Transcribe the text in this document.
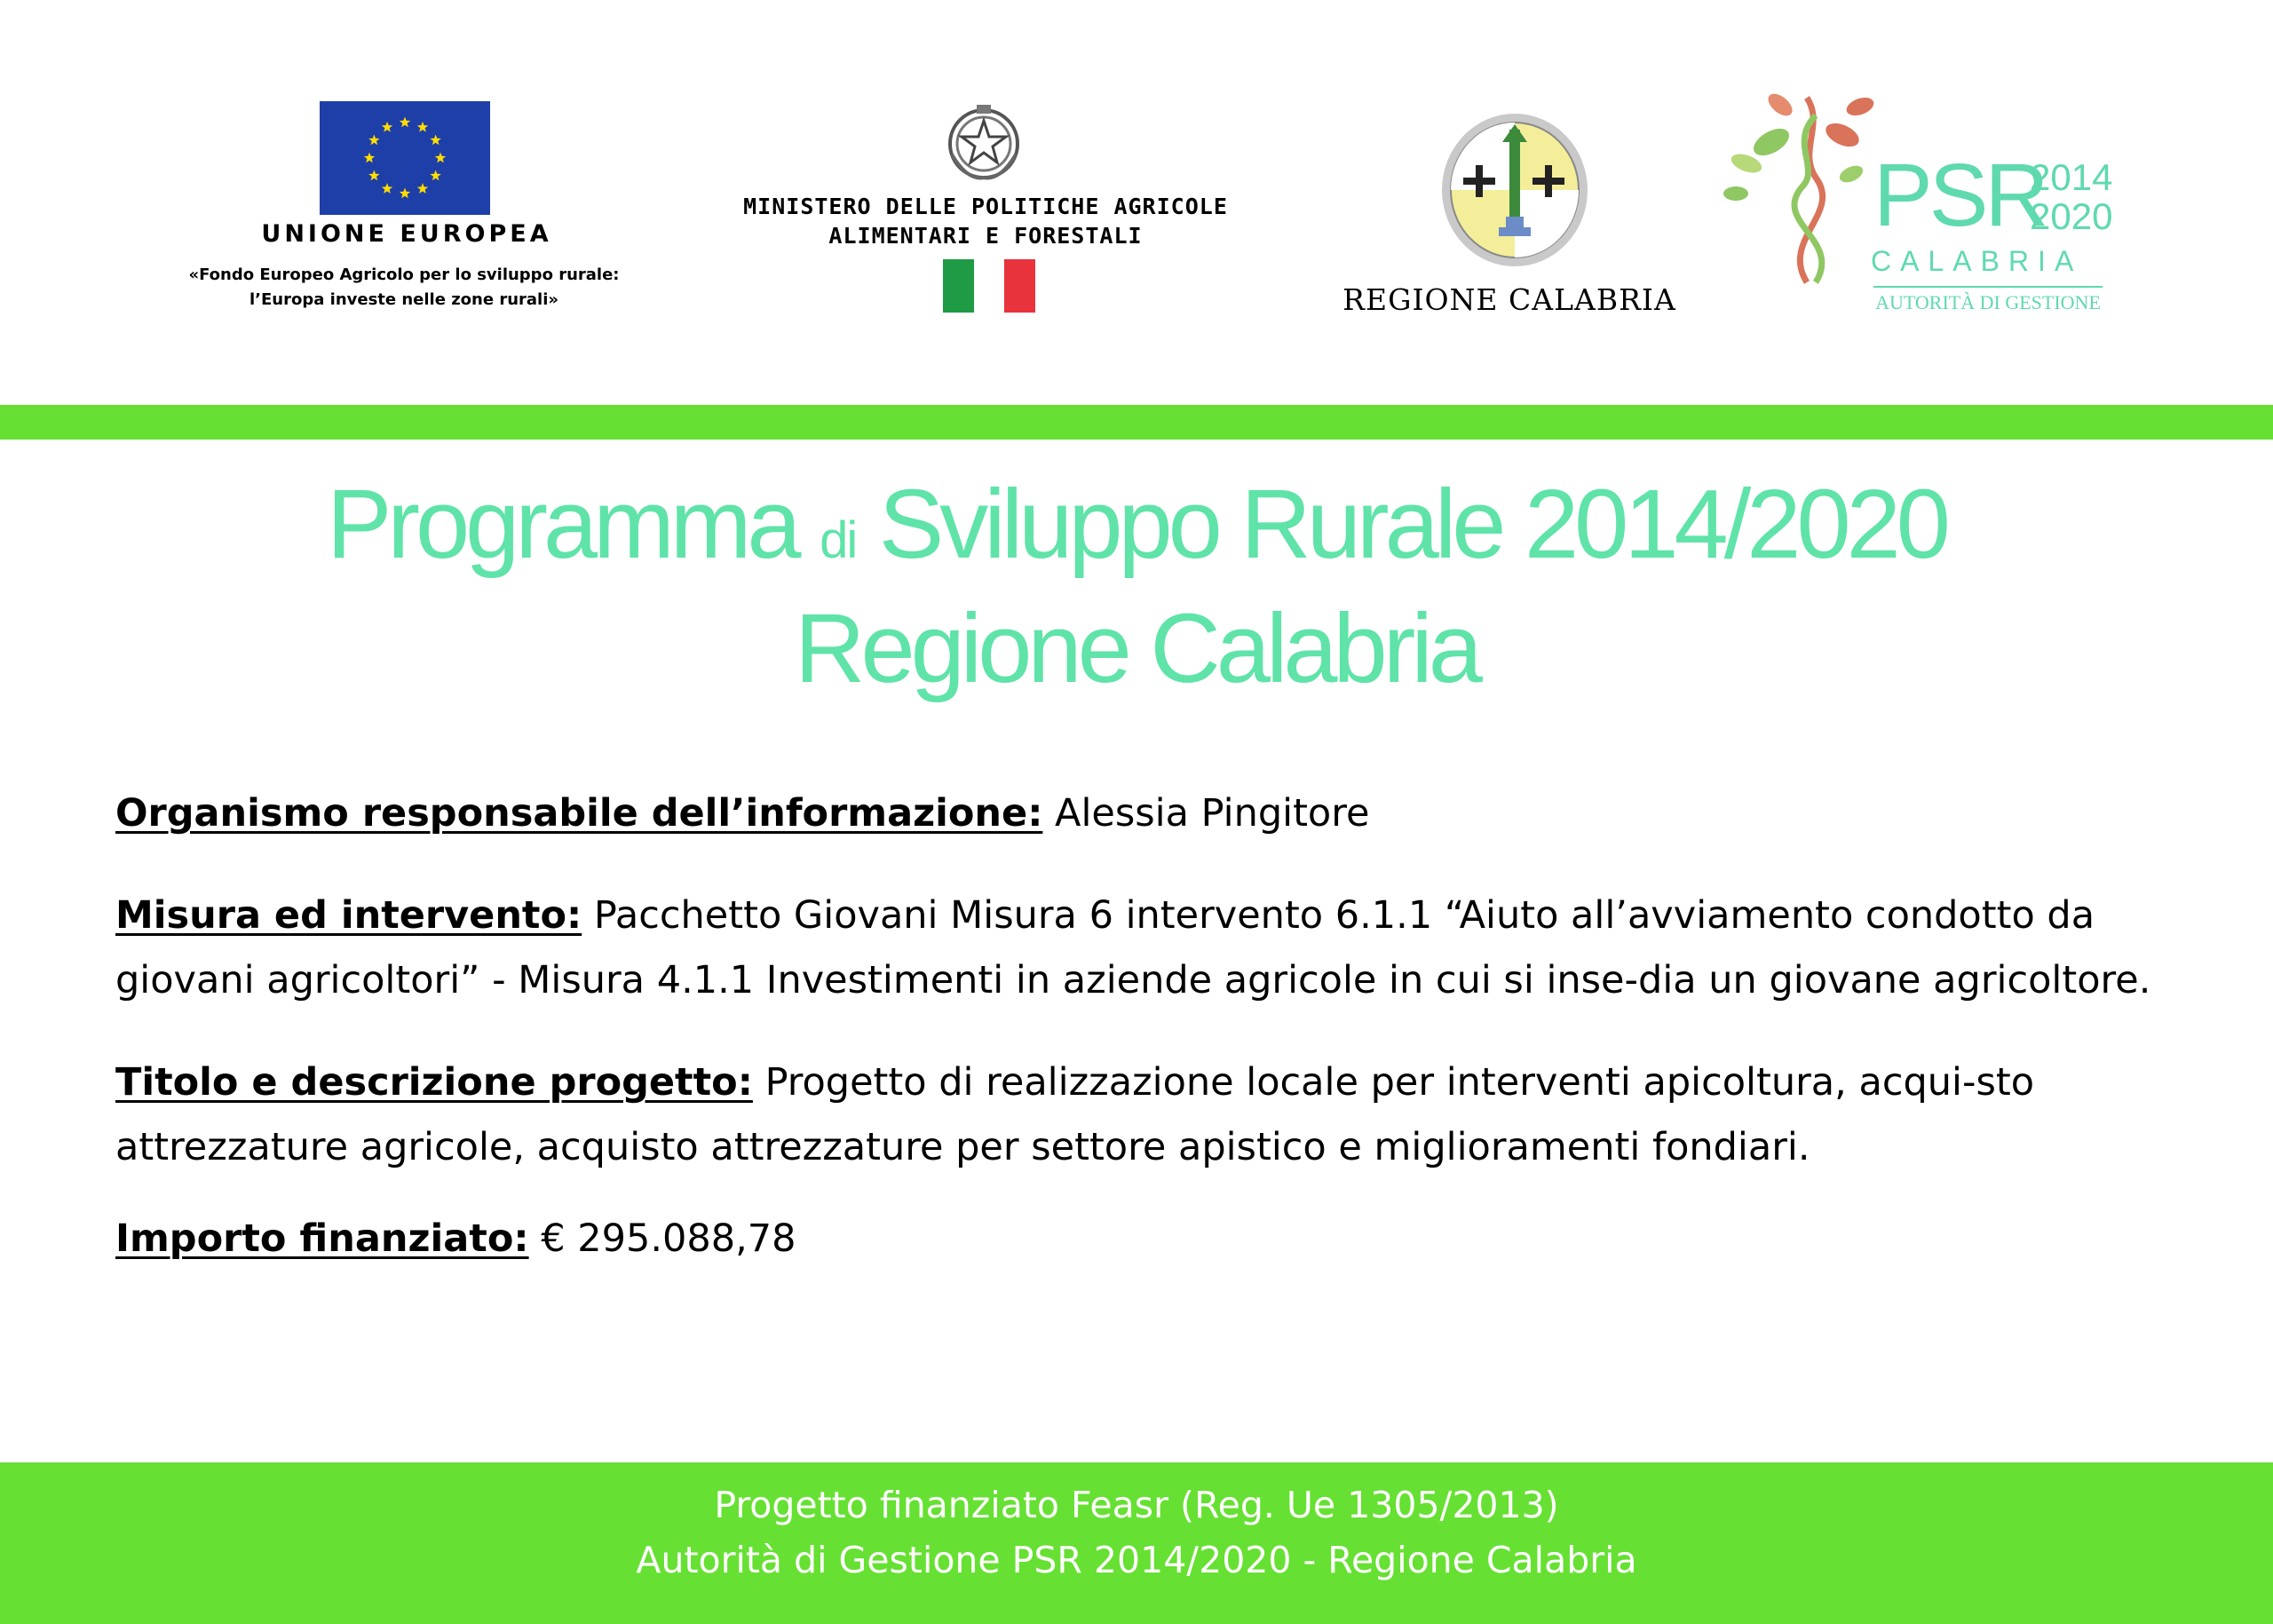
UNIONE EUROPEA
«Fondo Europeo Agricolo per lo sviluppo rurale:
l’Europa investe nelle zone rurali»
MINISTERO DELLE POLITICHE AGRICOLE
ALIMENTARI E FORESTALI
REGIONE CALABRIA
PSR
2014
2020
CALABRIA
AUTORITÀ DI GESTIONE
Programma di Sviluppo Rurale 2014/2020
Regione Calabria

Organismo responsabile dell’informazione: Alessia Pingitore

Misura ed intervento: Pacchetto Giovani Misura 6 intervento 6.1.1 “Aiuto all’avviamento condotto da giovani agricoltori” - Misura 4.1.1 Investimenti in aziende agricole in cui si inse-dia un giovane agricoltore.

Titolo e descrizione progetto: Progetto di realizzazione locale per interventi apicoltura, acqui-sto attrezzature agricole, acquisto attrezzature per settore apistico e miglioramenti fondiari.

Importo finanziato: € 295.088,78

Progetto finanziato Feasr (Reg. Ue 1305/2013)
Autorità di Gestione PSR 2014/2020 - Regione Calabria
